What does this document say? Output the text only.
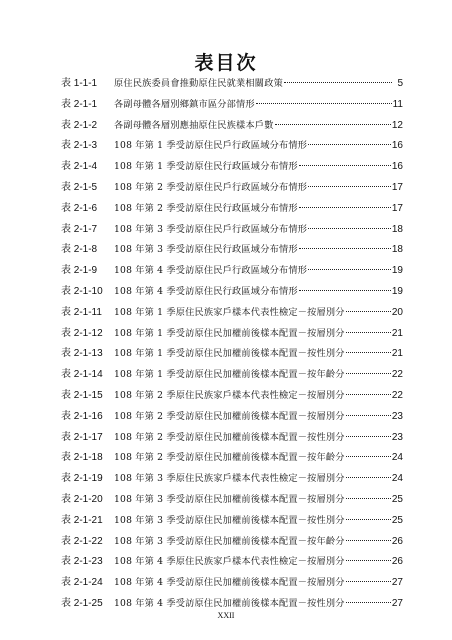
表目次
表 1-1-1	原住民族委員會推動原住民就業相關政策	5
表 2-1-1	各副母體各層別鄉鎮市區分部情形	11
表 2-1-2	各副母體各層別應抽原住民族樣本戶數	12
表 2-1-3	108 年第 1 季受訪原住民戶行政區域分布情形	16
表 2-1-4	108 年第 1 季受訪原住民行政區域分布情形	16
表 2-1-5	108 年第 2 季受訪原住民戶行政區域分布情形	17
表 2-1-6	108 年第 2 季受訪原住民行政區域分布情形	17
表 2-1-7	108 年第 3 季受訪原住民戶行政區域分布情形	18
表 2-1-8	108 年第 3 季受訪原住民行政區域分布情形	18
表 2-1-9	108 年第 4 季受訪原住民戶行政區域分布情形	19
表 2-1-10	108 年第 4 季受訪原住民行政區域分布情形	19
表 2-1-11	108 年第 1 季原住民族家戶樣本代表性檢定－按層別分	20
表 2-1-12	108 年第 1 季受訪原住民加權前後樣本配置－按層別分	21
表 2-1-13	108 年第 1 季受訪原住民加權前後樣本配置－按性別分	21
表 2-1-14	108 年第 1 季受訪原住民加權前後樣本配置－按年齡分	22
表 2-1-15	108 年第 2 季原住民族家戶樣本代表性檢定－按層別分	22
表 2-1-16	108 年第 2 季受訪原住民加權前後樣本配置－按層別分	23
表 2-1-17	108 年第 2 季受訪原住民加權前後樣本配置－按性別分	23
表 2-1-18	108 年第 2 季受訪原住民加權前後樣本配置－按年齡分	24
表 2-1-19	108 年第 3 季原住民族家戶樣本代表性檢定－按層別分	24
表 2-1-20	108 年第 3 季受訪原住民加權前後樣本配置－按層別分	25
表 2-1-21	108 年第 3 季受訪原住民加權前後樣本配置－按性別分	25
表 2-1-22	108 年第 3 季受訪原住民加權前後樣本配置－按年齡分	26
表 2-1-23	108 年第 4 季原住民族家戶樣本代表性檢定－按層別分	26
表 2-1-24	108 年第 4 季受訪原住民加權前後樣本配置－按層別分	27
表 2-1-25	108 年第 4 季受訪原住民加權前後樣本配置－按性別分	27
XXII
